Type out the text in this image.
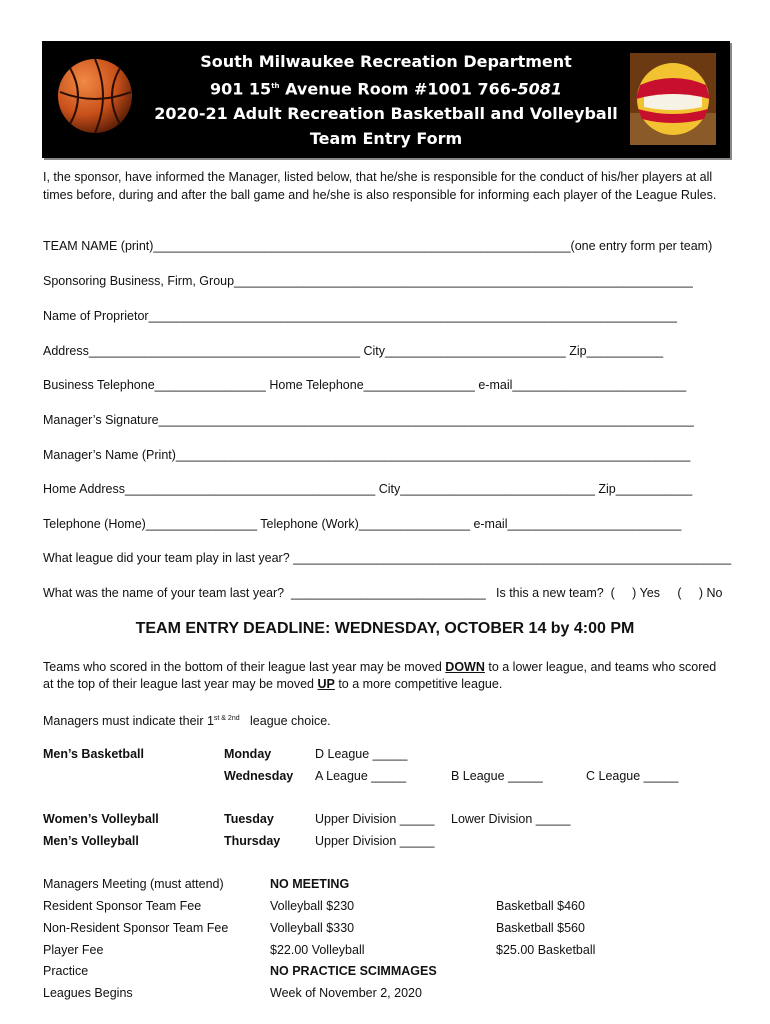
South Milwaukee Recreation Department
901 15th Avenue Room #1001 766-5081
2020-21 Adult Recreation Basketball and Volleyball
Team Entry Form
I, the sponsor, have informed the Manager, listed below, that he/she is responsible for the conduct of his/her players at all times before, during and after the ball game and he/she is also responsible for informing each player of the League Rules.
TEAM NAME (print)____________________________________________________________(one entry form per team)
Sponsoring Business, Firm, Group__________________________________________________________________
Name of Proprietor____________________________________________________________________________
Address_______________________________________ City__________________________ Zip___________
Business Telephone________________ Home Telephone________________ e-mail_________________________
Manager’s Signature_____________________________________________________________________________
Manager’s Name (Print)__________________________________________________________________________
Home Address____________________________________ City____________________________ Zip___________
Telephone (Home)________________ Telephone (Work)________________ e-mail_________________________
What league did your team play in last year? _______________________________________________________________
What was the name of your team last year?  ____________________________ Is this a new team?  (     ) Yes     (     ) No
TEAM ENTRY DEADLINE: WEDNESDAY, OCTOBER 14 by 4:00 PM
Teams who scored in the bottom of their league last year may be moved DOWN to a lower league, and teams who scored at the top of their league last year may be moved UP to a more competitive league.
Managers must indicate their $1^{st \& 2nd}$   league choice.
Men’s Basketball	Monday	D League _____
Wednesday A League _____	B League _____	C League _____
Women’s Volleyball	Tuesday	Upper Division _____ Lower Division _____
Men’s Volleyball	Thursday	Upper Division _____
Managers Meeting (must attend)	NO MEETING
Resident Sponsor Team Fee	Volleyball $230	Basketball $460
Non-Resident Sponsor Team Fee	Volleyball $330	Basketball $560
Player Fee	$22.00 Volleyball	$25.00 Basketball
Practice	NO PRACTICE SCIMMAGES
Leagues Begins	Week of November 2, 2020
